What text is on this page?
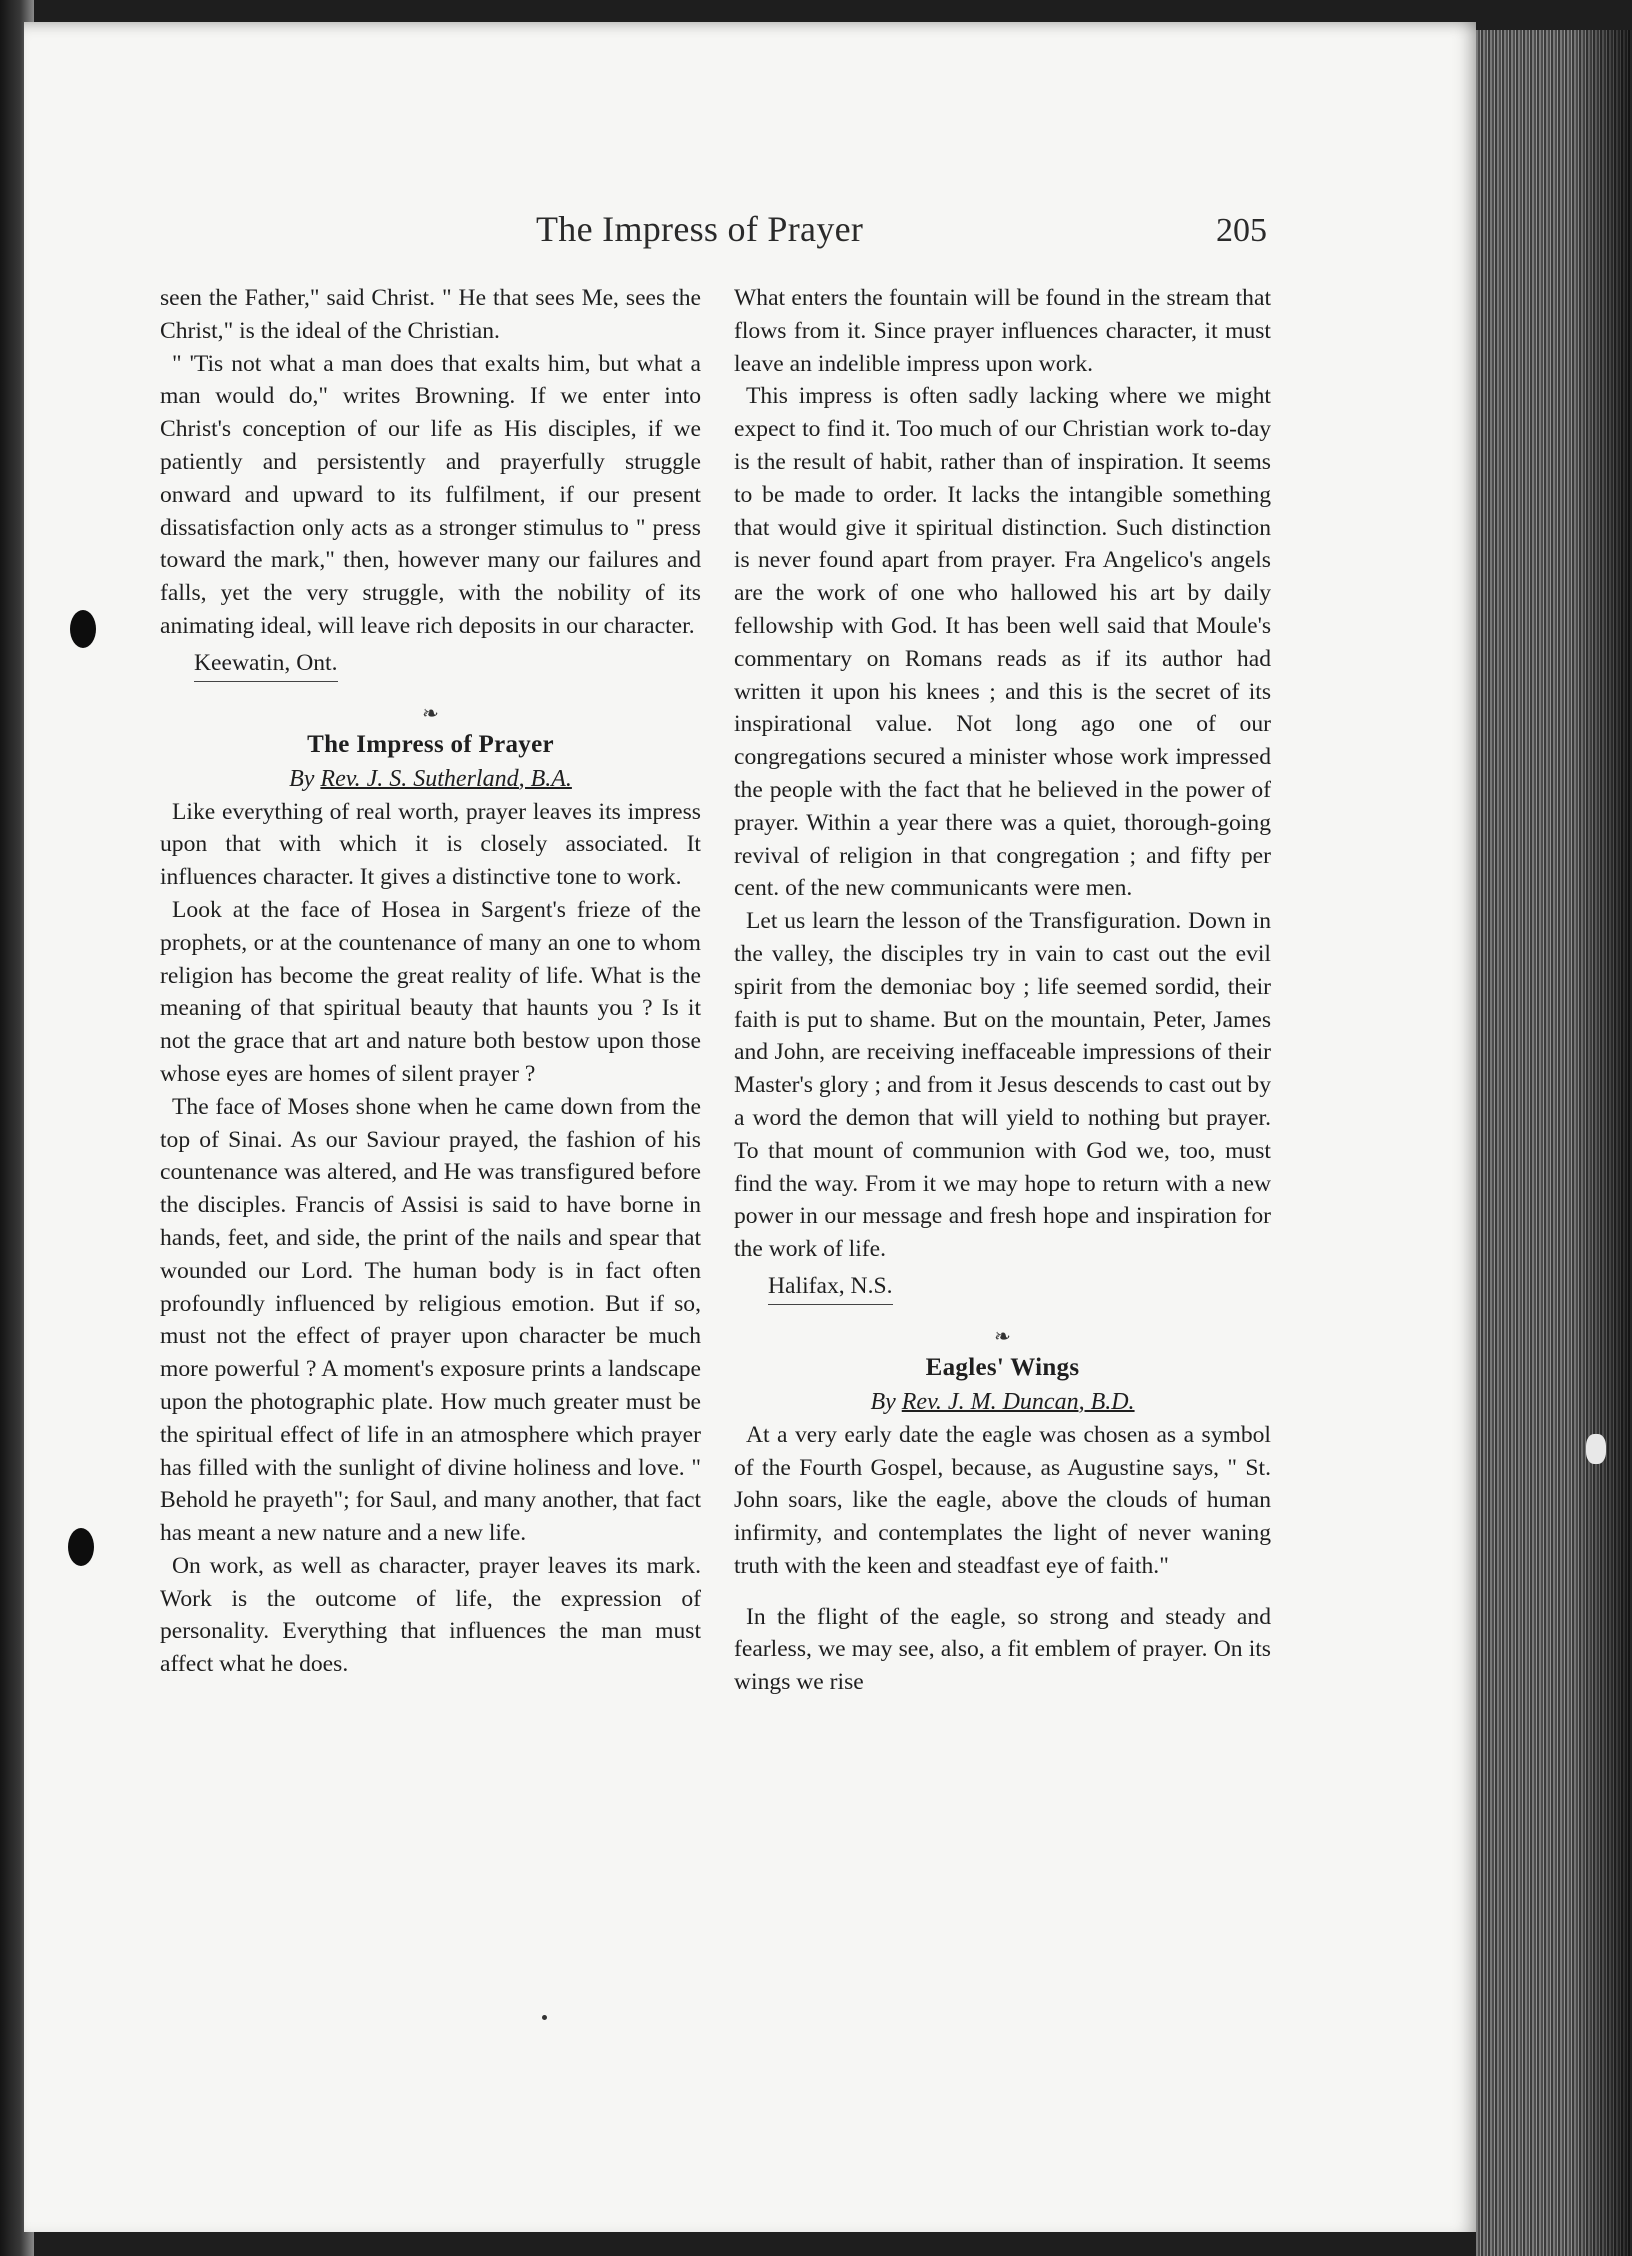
The Impress of Prayer	205

seen the Father," said Christ. " He that sees Me, sees the Christ," is the ideal of the Christian.

" 'Tis not what a man does that exalts him, but what a man would do," writes Browning. If we enter into Christ's conception of our life as His disciples, if we patiently and persistently and prayerfully struggle onward and upward to its fulfilment, if our present dissatisfaction only acts as a stronger stimulus to " press toward the mark," then, however many our failures and falls, yet the very struggle, with the nobility of its animating ideal, will leave rich deposits in our character.

Keewatin, Ont.

❧

The Impress of Prayer

By Rev. J. S. Sutherland, B.A.

Like everything of real worth, prayer leaves its impress upon that with which it is closely associated. It influences character. It gives a distinctive tone to work.

Look at the face of Hosea in Sargent's frieze of the prophets, or at the countenance of many an one to whom religion has become the great reality of life. What is the meaning of that spiritual beauty that haunts you ? Is it not the grace that art and nature both bestow upon those whose eyes are homes of silent prayer ?

The face of Moses shone when he came down from the top of Sinai. As our Saviour prayed, the fashion of his countenance was altered, and He was transfigured before the disciples. Francis of Assisi is said to have borne in hands, feet, and side, the print of the nails and spear that wounded our Lord. The human body is in fact often profoundly influenced by religious emotion. But if so, must not the effect of prayer upon character be much more powerful ? A moment's exposure prints a landscape upon the photographic plate. How much greater must be the spiritual effect of life in an atmosphere which prayer has filled with the sunlight of divine holiness and love. " Behold he prayeth"; for Saul, and many another, that fact has meant a new nature and a new life.

On work, as well as character, prayer leaves its mark. Work is the outcome of life, the expression of personality. Everything that influences the man must affect what he does.

What enters the fountain will be found in the stream that flows from it. Since prayer influences character, it must leave an indelible impress upon work.

This impress is often sadly lacking where we might expect to find it. Too much of our Christian work to-day is the result of habit, rather than of inspiration. It seems to be made to order. It lacks the intangible something that would give it spiritual distinction. Such distinction is never found apart from prayer. Fra Angelico's angels are the work of one who hallowed his art by daily fellowship with God. It has been well said that Moule's commentary on Romans reads as if its author had written it upon his knees ; and this is the secret of its inspirational value. Not long ago one of our congregations secured a minister whose work impressed the people with the fact that he believed in the power of prayer. Within a year there was a quiet, thorough-going revival of religion in that congregation ; and fifty per cent. of the new communicants were men.

Let us learn the lesson of the Transfiguration. Down in the valley, the disciples try in vain to cast out the evil spirit from the demoniac boy ; life seemed sordid, their faith is put to shame. But on the mountain, Peter, James and John, are receiving ineffaceable impressions of their Master's glory ; and from it Jesus descends to cast out by a word the demon that will yield to nothing but prayer. To that mount of communion with God we, too, must find the way. From it we may hope to return with a new power in our message and fresh hope and inspiration for the work of life.

Halifax, N.S.

❧

Eagles' Wings

By Rev. J. M. Duncan, B.D.

At a very early date the eagle was chosen as a symbol of the Fourth Gospel, because, as Augustine says, " St. John soars, like the eagle, above the clouds of human infirmity, and contemplates the light of never waning truth with the keen and steadfast eye of faith."

In the flight of the eagle, so strong and steady and fearless, we may see, also, a fit emblem of prayer. On its wings we rise
